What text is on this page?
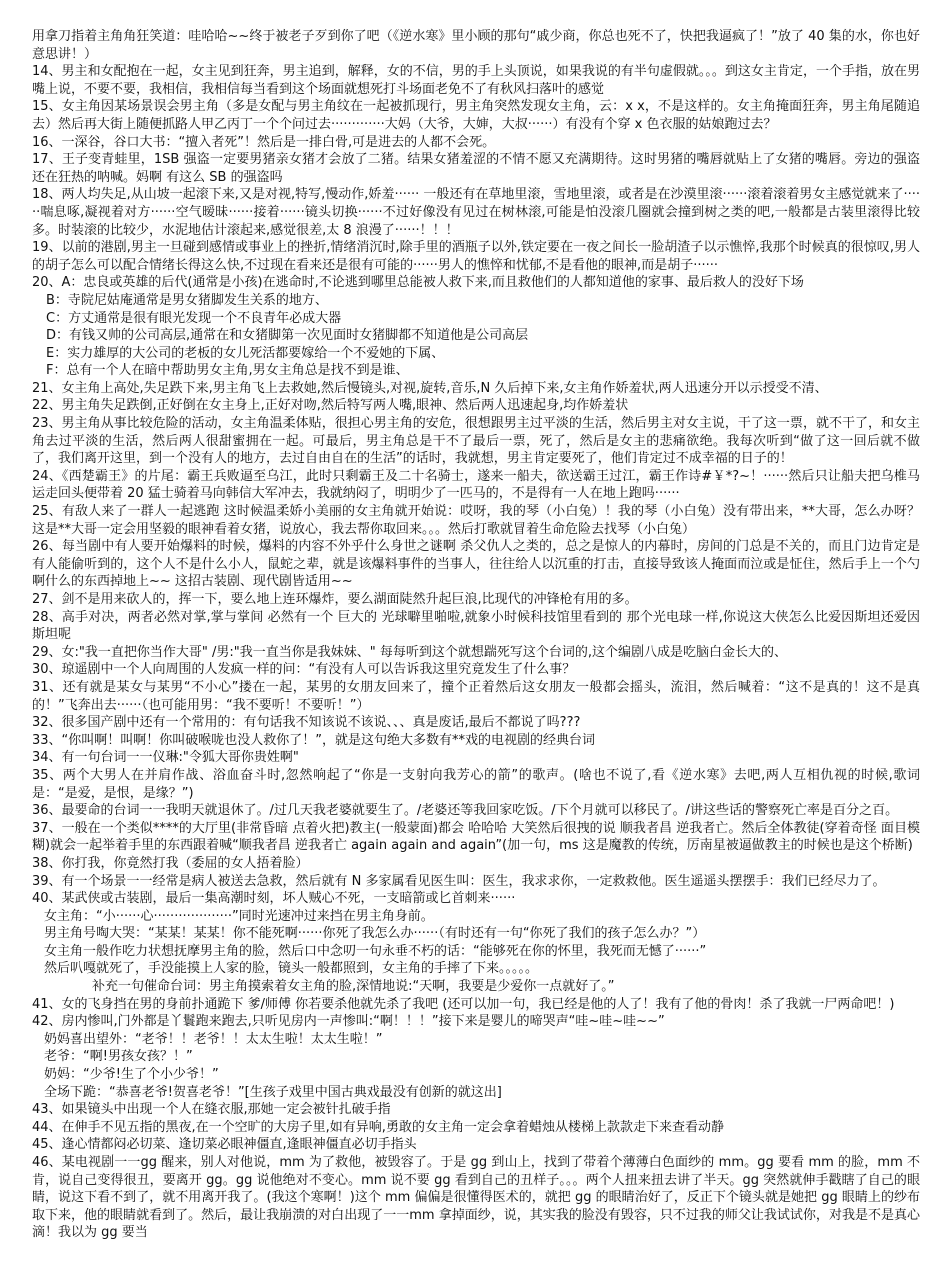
用拿刀指着主角角狂笑道：哇哈哈~~终于被老子歹到你了吧（《逆水寒》里小顾的那句“戚少商，你总也死不了，快把我逼疯了！”放了 40 集的水，你也好意思讲！）

14、男主和女配抱在一起，女主见到狂奔，男主追到，解释，女的不信，男的手上头顶说，如果我说的有半句虚假就。。。到这女主肯定，一个手指，放在男嘴上说，不要不要，我相信，我相信每当看到这个场面就想死打斗场面老免不了有秋风扫落叶的感觉

15、女主角因某场景误会男主角（多是女配与男主角纹在一起被抓现行，男主角突然发现女主角，云：x x，不是这样的。女主角掩面狂奔，男主角尾随追去）然后再大街上随便抓路人甲乙丙丁一个个问过去·············大妈（大爷，大婶，大叔······）有没有个穿 x 色衣服的姑娘跑过去？

16、一深谷，谷口大书：“擅入者死”！然后是一排白骨,可是进去的人都不会死。

17、王子变青蛙里，1SB 强盗一定要男猪亲女猪才会放了二猪。结果女猪羞涩的不情不愿又充满期待。这时男猪的嘴唇就贴上了女猪的嘴唇。旁边的强盗还在狂热的呐喊。妈啊 有这么 SB 的强盗吗

18、两人均失足,从山坡一起滚下来,又是对视,特写,慢动作,娇羞······ 一般还有在草地里滚，雪地里滚，或者是在沙漠里滚······滚着滚着男女主感觉就来了······喘息啄,凝视着对方······空气暧昧······接着······镜头切换······不过好像没有见过在树林滚,可能是怕没滚几圈就会撞到树之类的吧,一般都是古装里滚得比较多。时装滚的比较少，水泥地估计滚起来,感觉很差,太 8 浪漫了······！！！

19、以前的港剧,男主一旦碰到感情或事业上的挫折,情绪消沉时,除手里的酒瓶子以外,铁定要在一夜之间长一脸胡渣子以示憔悴,我那个时候真的很惊叹,男人的胡子怎么可以配合情绪长得这么快,不过现在看来还是很有可能的······男人的憔悴和忧郁,不是看他的眼神,而是胡子······

20、A：忠良或英雄的后代(通常是小孩)在逃命时,不论逃到哪里总能被人救下来,而且救他们的人都知道他的家事、最后救人的没好下场

B：寺院尼姑庵通常是男女猪脚发生关系的地方、

C：方丈通常是很有眼光发现一个不良青年必成大器

D：有钱又帅的公司高层,通常在和女猪脚第一次见面时女猪脚都不知道他是公司高层

E：实力雄厚的大公司的老板的女儿死活都要嫁给一个不爱她的下属、

F：总有一个人在暗中帮助男女主角,男女主角总是找不到是谁、

21、女主角上高处,失足跌下来,男主角飞上去救她,然后慢镜头,对视,旋转,音乐,N 久后掉下来,女主角作娇羞状,两人迅速分开以示授受不清、

22、男主角失足跌倒,正好倒在女主身上,正好对吻,然后特写两人嘴,眼神、然后两人迅速起身,均作娇羞状

23、男主角从事比较危险的活动，女主角温柔体贴，很担心男主角的安危，很想跟男主过平淡的生活，然后男主对女主说，干了这一票，就不干了，和女主角去过平淡的生活，然后两人很甜蜜拥在一起。可最后，男主角总是干不了最后一票，死了，然后是女主的悲痛欲绝。我每次听到“做了这一回后就不做了，我们离开这里，到一个没有人的地方，去过自由自在的生活”的话时，我就想，男主肯定要死了，他们肯定过不成幸福的日子的！

24、《西楚霸王》的片尾：霸王兵败逼至乌江，此时只剩霸王及二十名骑士，遂来一船夫，欲送霸王过江，霸王作诗#￥*?~！······然后只让船夫把乌椎马运走回头便带着 20 猛士骑着马向韩信大军冲去，我就纳闷了，明明少了一匹马的，不是得有一人在地上跑吗······

25、有敌人来了一群人一起逃跑 这时候温柔娇小美丽的女主角就开始说：哎呀，我的琴（小白兔）！我的琴（小白兔）没有带出来，**大哥，怎么办呀？这是**大哥一定会用坚毅的眼神看着女猪，说放心，我去帮你取回来。。。然后打歌就冒着生命危险去找琴（小白兔）

26、每当剧中有人要开始爆料的时候，爆料的内容不外乎什么身世之谜啊 杀父仇人之类的，总之是惊人的内幕时，房间的门总是不关的，而且门边肯定是有人能偷听到的，这个人不是什么小人，鼠蛇之辈，就是该爆料事件的当事人，往往给人以沉重的打击，直接导致该人掩面而泣或是怔住，然后手上一个勺啊什么的东西掉地上~~ 这招古装剧、现代剧皆适用~~

27、剑不是用来砍人的，挥一下，要么地上连环爆炸，要么湖面陡然升起巨浪,比现代的冲锋枪有用的多。

28、高手对决，两者必然对掌,掌与掌间 必然有一个 巨大的 光球噼里啪啦,就象小时候科技馆里看到的 那个光电球一样,你说这大侠怎么比爱因斯坦还爱因斯坦呢

29、女:"我一直把你当作大哥" /男:"我一直当你是我妹妹、" 每每听到这个就想踹死写这个台词的,这个编剧八成是吃脑白金长大的、

30、琼遥剧中一个人向周围的人发疯一样的问：“有没有人可以告诉我这里究竟发生了什么事？

31、还有就是某女与某男“不小心”搂在一起，某男的女朋友回来了，撞个正着然后这女朋友一般都会摇头，流泪，然后喊着：“这不是真的！这不是真的！”飞奔出去······（也可能用男：“我不要听！不要听！”）

32、很多国产剧中还有一个常用的：有句话我不知该说不该说、、、真是废话,最后不都说了吗???

33、“你叫啊！叫啊！你叫破喉咙也没人救你了！”，就是这句绝大多数有**戏的电视剧的经典台词

34、有一句台词一一仪琳:"令狐大哥你贵姓啊"

35、两个大男人在并肩作战、浴血奋斗时,忽然响起了“你是一支射向我芳心的箭”的歌声。(啥也不说了,看《逆水寒》去吧,两人互相仇视的时候,歌词是：“是爱，是恨，是缘？”)

36、最要命的台词一一我明天就退休了。/过几天我老婆就要生了。/老婆还等我回家吃饭。/下个月就可以移民了。/讲这些话的警察死亡率是百分之百。

37、一般在一个类似****的大厅里(非常昏暗 点着火把)教主(一般蒙面)都会 哈哈哈 大笑然后很拽的说 顺我者昌 逆我者亡。然后全体教徒(穿着奇怪 面目模糊)就会一起举着手里的东西跟着喊“顺我者昌 逆我者亡 again again and again”(加一句，ms 这是魔教的传统，厉南星被逼做教主的时候也是这个桥断)

38、你打我，你竟然打我（委屈的女人捂着脸）

39、有一个场景一一经常是病人被送去急救，然后就有 N 多家属看见医生叫：医生，我求求你，一定救救他。医生遥遥头摆摆手：我们已经尽力了。

40、某武侠或古装剧，最后一集高潮时刻，坏人贼心不死，一支暗箭或匕首刺来······

女主角：“小······心···················”同时光速冲过来挡在男主角身前。

男主角号啕大哭：“某某！某某！你不能死啊······你死了我怎么办······（有时还有一句“你死了我们的孩子怎么办？”）

女主角一般作吃力状想抚摩男主角的脸，然后口中念叨一句永垂不朽的话：“能够死在你的怀里，我死而无憾了······”

然后叭嘎就死了，手没能摸上人家的脸，镜头一般都照到，女主角的手摔了下来。。。。。

补充一句催命台词：男主角摸索着女主角的脸,深情地说:“天啊，我要是少爱你一点就好了。”

41、女的飞身挡在男的身前扑通跪下 爹/师傅 你若要杀他就先杀了我吧 (还可以加一句，我已经是他的人了！我有了他的骨肉！杀了我就一尸两命吧！)

42、房内惨叫,门外都是丫鬟跑来跑去,只听见房内一声惨叫:“啊！！！”接下来是婴儿的啼哭声“哇~哇~哇~~”

奶妈喜出望外：“老爷！！老爷！！太太生啦！太太生啦！”

老爷：“啊!男孩女孩？！”

奶妈：“少爷!生了个小少爷！”

全场下跪：“恭喜老爷!贺喜老爷！”[生孩子戏里中国古典戏最没有创新的就这出]

43、如果镜头中出现一个人在缝衣服,那她一定会被针扎破手指

44、在伸手不见五指的黑夜,在一个空旷的大房子里,如有异响,勇敢的女主角一定会拿着蜡烛从楼梯上款款走下来查看动静

45、逢心情都闷必切菜、逢切菜必眼神僵直,逢眼神僵直必切手指头

46、某电视剧一一gg 醒来，别人对他说，mm 为了救他，被毁容了。于是 gg 到山上，找到了带着个薄薄白色面纱的 mm。gg 要看 mm 的脸，mm 不肯，说自己变得很丑，要离开 gg。gg 说他绝对不变心。mm 说不要 gg 看到自己的丑样子。。。两个人扭来扭去讲了半天。gg 突然就伸手戳瞎了自己的眼睛，说这下看不到了，就不用离开我了。(我这个寒啊！)这个 mm 偏偏是很懂得医术的，就把 gg 的眼睛治好了，反正下个镜头就是她把 gg 眼睛上的纱布取下来，他的眼睛就看到了。然后，最让我崩溃的对白出现了一一mm 拿掉面纱，说，其实我的脸没有毁容，只不过我的师父让我试试你，对我是不是真心滴！我以为 gg 要当
